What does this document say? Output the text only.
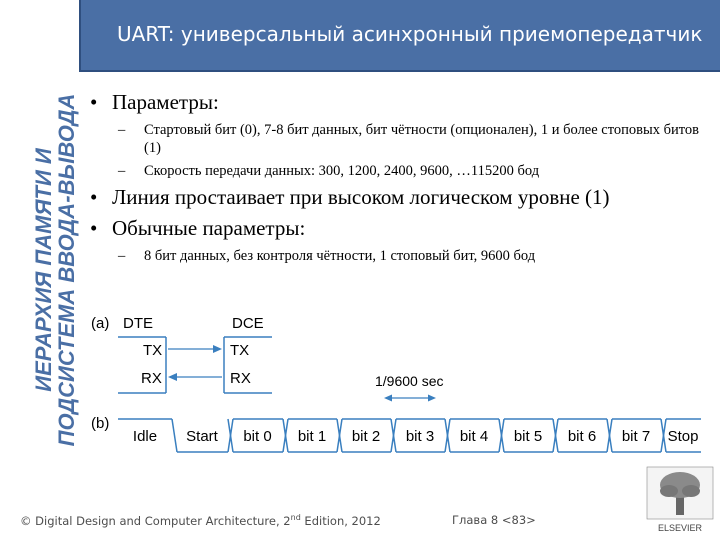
UART: универсальный асинхронный приемопередатчик
ИЕРАРХИЯ ПАМЯТИ И ПОДСИСТЕМА ВВОДА-ВЫВОДА • Параметры:
– Стартовый бит (0), 7-8 бит данных, бит чётности (опционален), 1 и более стоповых битов (1)
– Скорость передачи данных: 300, 1200, 2400, 9600, …115200 бод
• Линия простаивает при высоком логическом уровне (1)
• Обычные параметры:
– 8 бит данных, без контроля чётности, 1 стоповый бит, 9600 бод
(a) DTE	DCE
TX
RX
TX
RX
(b)
1/9600 sec
Idle Start bit 0 bit 1 bit 2 bit 3 bit 4 bit 5 bit 6 bit 7 Stop
© Digital Design and Computer Architecture, 2nd Edition, 2012	Глава 8 <83>
ELSEVIER
